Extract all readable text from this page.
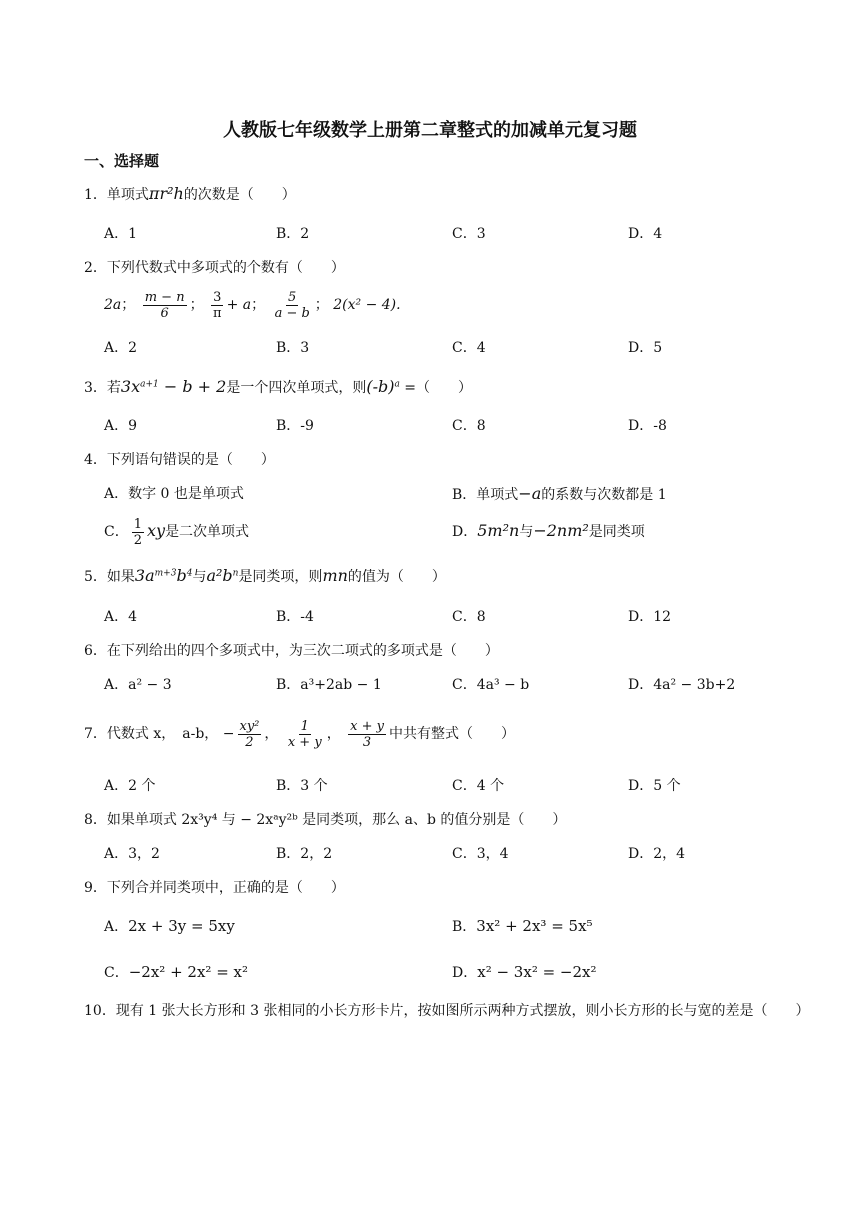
人教版七年级数学上册第二章整式的加减单元复习题
一、选择题
1．单项式πr²h的次数是（　　）
A．1	B．2	C．3	D．4
2．下列代数式中多项式的个数有（　　）
2a； $\frac{m - n}{6}$ ； $\frac{3}{\pi} + a$； $\frac{5}{a - b}$ ； 2(x² − 4).
A．2	B．3	C．4	D．5
3．若$3x^{a+1} - b + 2$是一个四次单项式，则$(-b)^a$ =（　　）
A．9	B．-9	C．8	D．-8
4．下列语句错误的是（　　）
A．数字 0 也是单项式	B．单项式−a的系数与次数都是 1
C． $\frac{1}{2}$ xy是二次单项式	D．5m²n与−2nm²是同类项
5．如果$3a^{m+3}b^4$与$a^2b^n$是同类项，则mn的值为（　　）
A．4	B．-4	C．8	D．12
6．在下列给出的四个多项式中，为三次二项式的多项式是（　　）
A．a² − 3	B．a³+2ab − 1	C．4a³ − b	D．4a² − 3b+2
7．代数式 x，　a-b， − $\frac{\text{xy²}}{2}$ ， $\frac{1}{x + y}$ ， $\frac{x + y}{3}$ 中共有整式（　　）
A．2 个	B．3 个	C．4 个	D．5 个
8．如果单项式 2x³y⁴ 与 − 2xᵃy²ᵇ 是同类项，那么 a、b 的值分别是（　　）
A．3，2	B．2，2	C．3，4	D．2，4
9．下列合并同类项中，正确的是（　　）
A．2x + 3y = 5xy	B．3x² + 2x³ = 5x⁵
C．−2x² + 2x² = x²	D．x² − 3x² = −2x²
10．现有 1 张大长方形和 3 张相同的小长方形卡片，按如图所示两种方式摆放，则小长方形的长与宽的差是（　　）
